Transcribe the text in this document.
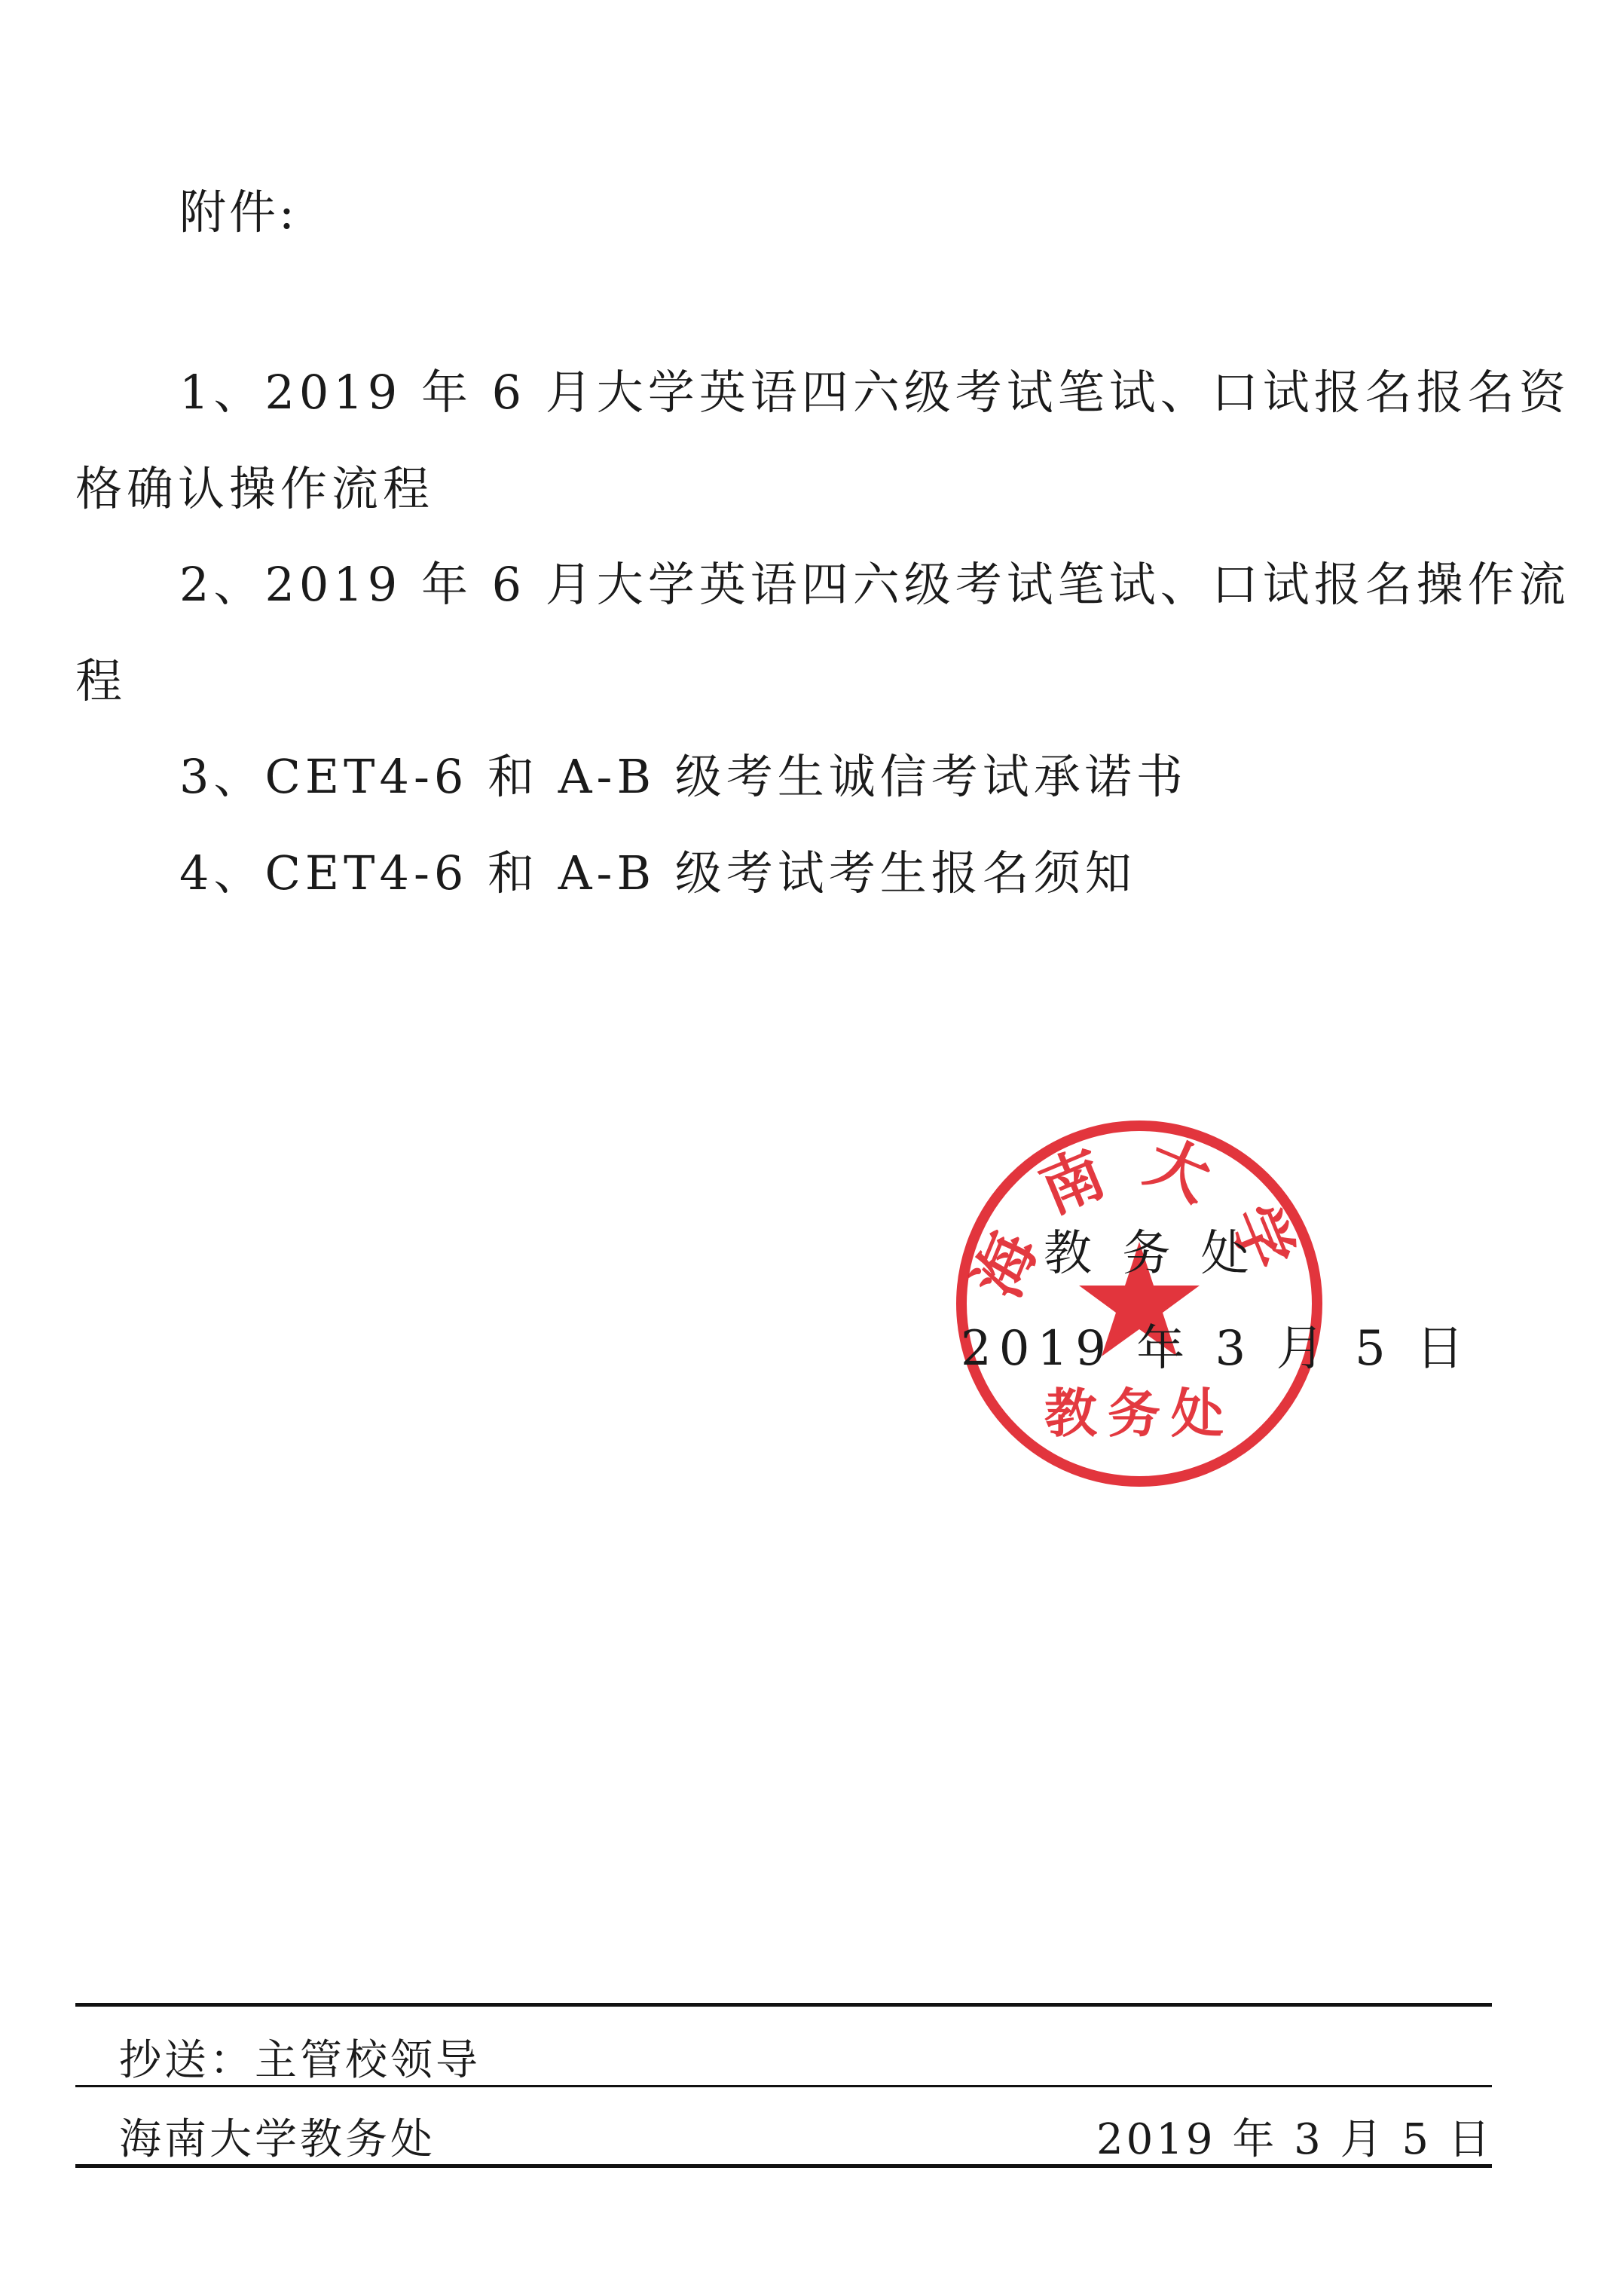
附件:
1、2019 年 6 月大学英语四六级考试笔试、口试报名报名资
格确认操作流程
2、2019 年 6 月大学英语四六级考试笔试、口试报名操作流
程
3、CET4-6 和 A-B 级考生诚信考试承诺书
4、CET4-6 和 A-B 级考试考生报名须知
海南大学
教务处
教 务 处
2019 年 3 月 5 日
抄送：主管校领导
海南大学教务处	2019 年 3 月 5 日
